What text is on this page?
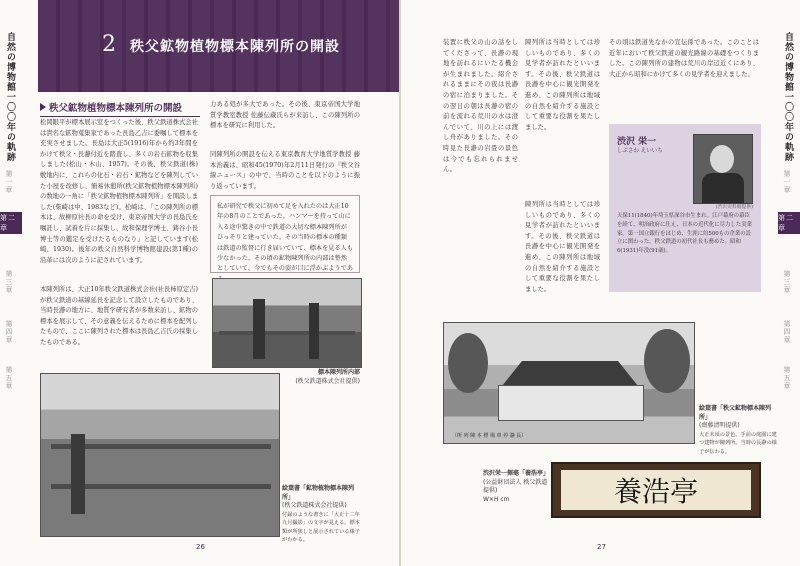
自然の博物館一〇〇年の軌跡
第一章
第二章
第三章
第四章
第五章
2 秩父鉱物植物標本陳列所の開設
秩父鉱物植物標本陳列所の開設
松岡眼平が標本展示室をつくった後、秩父鉄道株式会社は貴名な鉱物蒐集家であった長島乙吉に委嘱して標本を充実させました。長島は大正5(1916)年から約3年間をかけて秩父・長瀞付近を踏査し、多くの岩石鉱物を収集しました(松山・木山、1957)。その後、秩父鉄道(株)敷地内に、これらの化石・岩石・鉱物などを陳列していた小屋を改修し、簡易休憩所(秩父鉱物植物標本陳列所)の数地の一角に「秩父鉱物植物標本陳列所」を開設しました(柴崎は中、1983など)。松崎は、「この陳列所の標本は、故柳原社長の命を受け、東京帝国大学の長島氏を嘱託し、試着を片に採集し、故和保理学博士、鋳谷小長博士等の鑑定を受けたるものなり」と記しています(松崎、1930)。後年の秩父自然科学博物館建設(第1種)の沿革には次のように記されています。
本陳列所は、大正10年秩父鉄道株式会社(社長柿原定吉)が秩父鉄道の基線延長を記念して設立したものであり、当時長瀞の地方に、地質学研究者が多数来訪し、鉱物の標本を展示して、その意義を伝えるために標本を配列したもので、ここに陳列された標本は長島乙吉氏の採集したものである。
力ある処が多大であった。その後、東京帝国大学地質学教室教授 佐藤伝蔵氏らが来訪し、この陳列所の標本を研究に利用した。
同陳列所の開設を伝える東京教育大学地質学教授 藤本治義は、昭和45(1970)年2月11日発行の『秩父谷線ニュース』の中で、当時のことを以下のように振り返っています。
私が研究で秩父に初めて足を入れたのは大正10年の8月のことであった。ハンマーを持って山に入る途中驚きの中で鉄道の大切な標本陳列所がひっそりと建っていた。その当時の標本の種類は鉄道の監督に行き届いていて、標本を見る人も少なかった。その頃の鉱物陳列所の内部は整然としていて、今でもその姿が目に浮かぶようであ
標本陳列所内部
(秩父鉄道株式会社提供)
絵葉書「鉱物植物標本陳列所」
(秩父鉄道株式会社提供)
付録のような書きに「大正十二年九月撮影」の文字が見える。標本類が所狭しと展示されている様子がわかる。
26
自然の博物館一〇〇年の軌跡
第一章
第二章
第三章
第四章
第五章
装置に秩父の山の話をしてくださって、長瀞の現地を訪れるにいたる機会が生まれました。紹介されるままにその夜は長瀞の宿に泊まりました。その翌日の朝は長瀞の宿の前を流れる荒川の水は澄んでいて、川の上には渡し舟がありました。その時見た長瀞の岩畳の景色は今でも忘れられません。
陳列所は当時としては珍しいものであり、多くの見学者が訪れたといいます。その後、秩父鉄道は長瀞を中心に観光開発を進め、この陳列所は地域の自然を紹介する施設として重要な役割を果たしました。
その頃は鉄道先なかの宣伝係であった。このことは近年において秩父鉄道の観光路線の基礎をつくりました。この陳列所の建物は荒川の岸辺近くにあり、大正から昭和にかけて多くの見学者を迎えました。
陳列所は当時としては珍しいものであり、多くの見学者が訪れたといいます。その後、秩父鉄道は長瀞を中心に観光開発を進め、この陳列所は地域の自然を紹介する施設として重要な役割を果たしました。
渋沢 栄一
しぶさわ えいいち
(渋沢史料館提供)
天保11(1840)年埼玉県深谷市生まれ。江戸幕府の幕臣を経て、明治政府に仕え、日本の近代化に尽力した実業家。第一国立銀行をはじめ、生涯に約500もの企業の設立に関わった。秩父鉄道の初代社長も務めた。昭和6(1931)年没(91歳)。
（所 列 陳 本 標 場 車 停 瀞 長）
絵葉書「秩父鉱物標本陳列所」
(齋藤清明提供)
大正末頃の景色。手前の庭園に建つ建物が陳列所。当時の長瀞の様子が伝わる。
渋沢栄一揮毫「養浩亭」
(公益財団法人 秩父鉄道提供)
W×H cm	養浩亭
27
